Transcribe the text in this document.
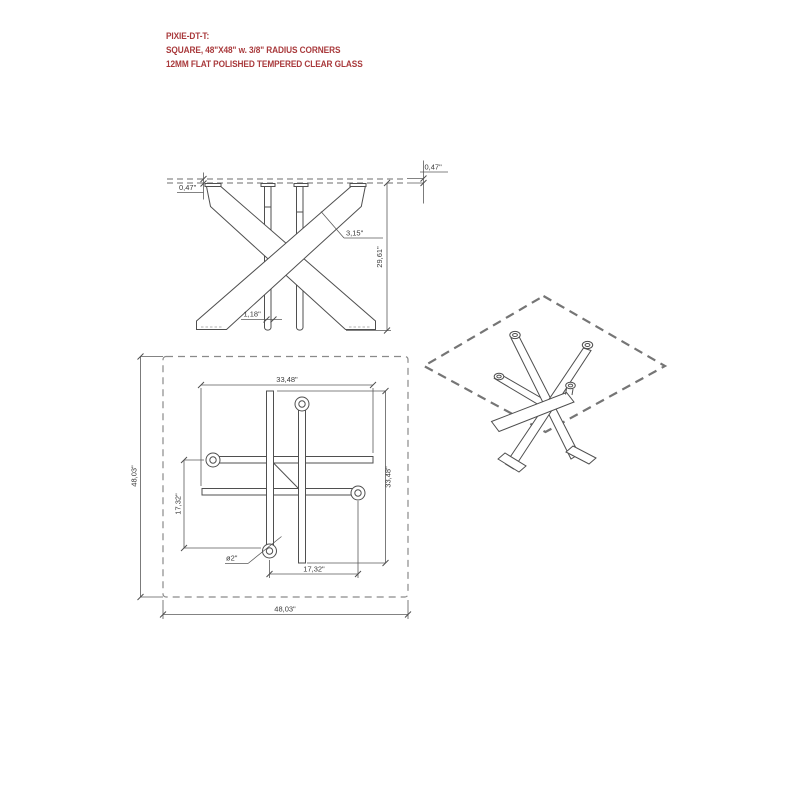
PIXIE-DT-T:
SQUARE, 48"X48" w. 3/8" RADIUS CORNERS
12MM FLAT POLISHED TEMPERED CLEAR GLASS
29,61"
3,15"
1,18"
0,47"
0,47"
33,48"
33,48"
17,32"
17,32"
ø2"
48,03"
48,03"
